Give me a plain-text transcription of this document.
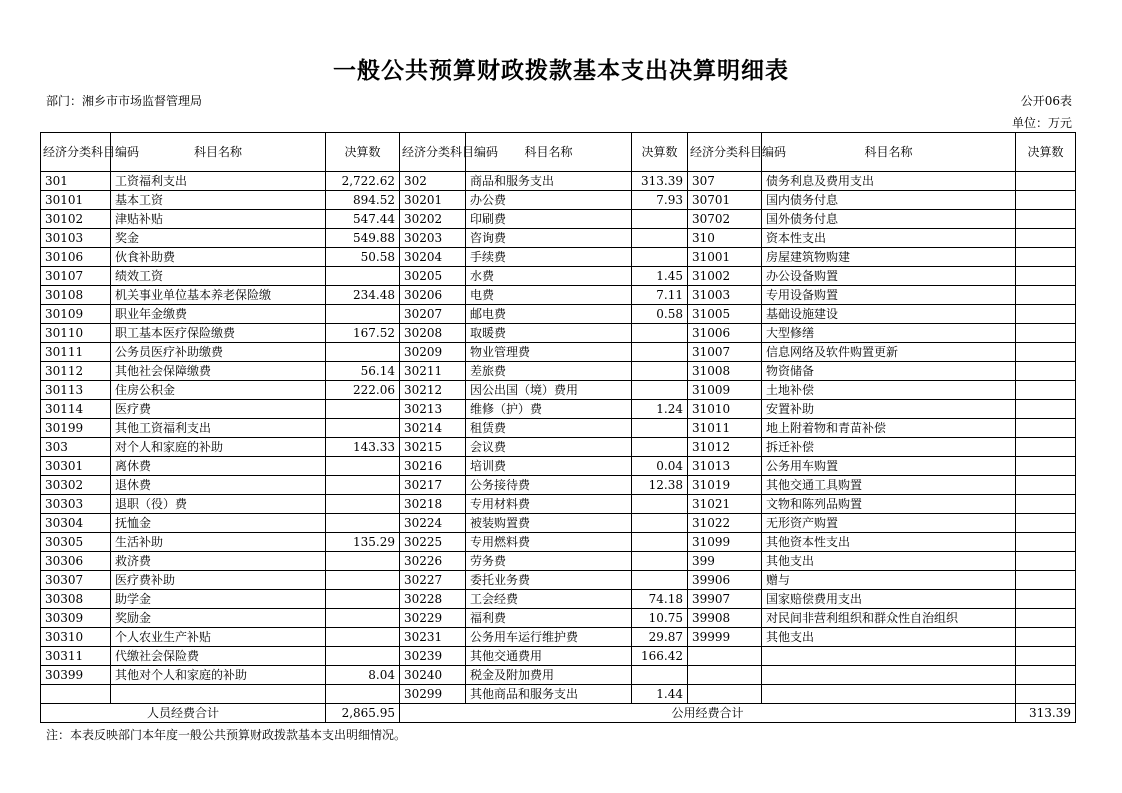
一般公共预算财政拨款基本支出决算明细表
部门：湘乡市市场监督管理局	公开06表
单位：万元
经济分类科目编码	科目名称	决算数	经济分类科目编码	科目名称	决算数	经济分类科目编码	科目名称	决算数
301	工资福利支出	2,722.62	302	商品和服务支出	313.39	307	债务利息及费用支出	
30101	基本工资	894.52	30201	办公费	7.93	30701	国内债务付息	
30102	津贴补贴	547.44	30202	印刷费		30702	国外债务付息	
30103	奖金	549.88	30203	咨询费		310	资本性支出	
30106	伙食补助费	50.58	30204	手续费		31001	房屋建筑物购建	
30107	绩效工资		30205	水费	1.45	31002	办公设备购置	
30108	机关事业单位基本养老保险缴	234.48	30206	电费	7.11	31003	专用设备购置	
30109	职业年金缴费		30207	邮电费	0.58	31005	基础设施建设	
30110	职工基本医疗保险缴费	167.52	30208	取暖费		31006	大型修缮	
30111	公务员医疗补助缴费		30209	物业管理费		31007	信息网络及软件购置更新	
30112	其他社会保障缴费	56.14	30211	差旅费		31008	物资储备	
30113	住房公积金	222.06	30212	因公出国（境）费用		31009	土地补偿	
30114	医疗费		30213	维修（护）费	1.24	31010	安置补助	
30199	其他工资福利支出		30214	租赁费		31011	地上附着物和青苗补偿	
303	对个人和家庭的补助	143.33	30215	会议费		31012	拆迁补偿	
30301	离休费		30216	培训费	0.04	31013	公务用车购置	
30302	退休费		30217	公务接待费	12.38	31019	其他交通工具购置	
30303	退职（役）费		30218	专用材料费		31021	文物和陈列品购置	
30304	抚恤金		30224	被装购置费		31022	无形资产购置	
30305	生活补助	135.29	30225	专用燃料费		31099	其他资本性支出	
30306	救济费		30226	劳务费		399	其他支出	
30307	医疗费补助		30227	委托业务费		39906	赠与	
30308	助学金		30228	工会经费	74.18	39907	国家赔偿费用支出	
30309	奖励金		30229	福利费	10.75	39908	对民间非营利组织和群众性自治组织	
30310	个人农业生产补贴		30231	公务用车运行维护费	29.87	39999	其他支出	
30311	代缴社会保险费		30239	其他交通费用	166.42			
30399	其他对个人和家庭的补助	8.04	30240	税金及附加费用				
			30299	其他商品和服务支出	1.44			
人员经费合计		2,865.95	公用经费合计					313.39
注：本表反映部门本年度一般公共预算财政拨款基本支出明细情况。
